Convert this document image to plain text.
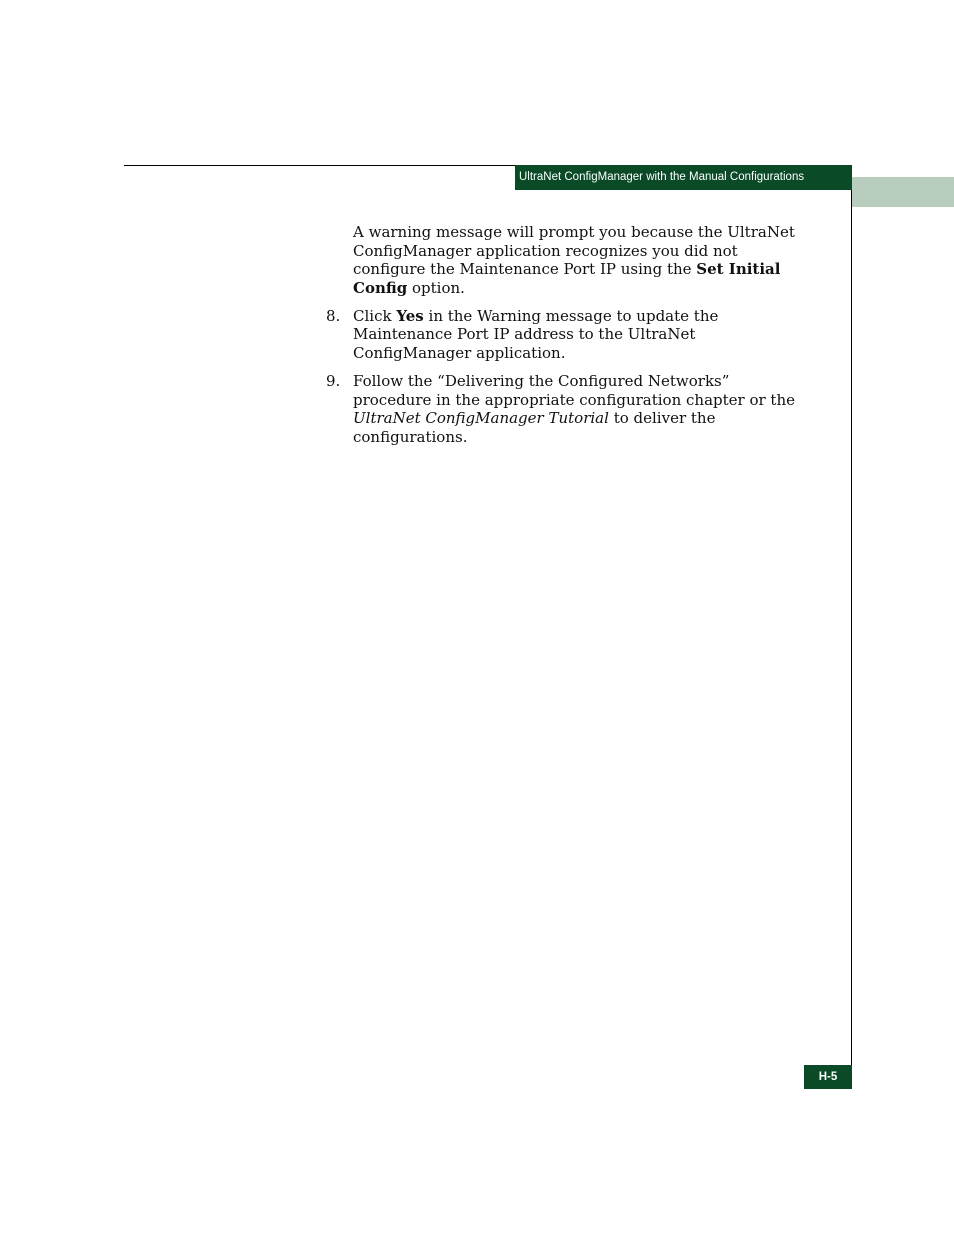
UltraNet ConfigManager with the Manual Configurations

A warning message will prompt you because the UltraNet ConfigManager application recognizes you did not configure the Maintenance Port IP using the Set Initial Config option.

8. Click Yes in the Warning message to update the Maintenance Port IP address to the UltraNet ConfigManager application.

9. Follow the “Delivering the Configured Networks” procedure in the appropriate configuration chapter or the UltraNet ConfigManager Tutorial to deliver the configurations.

H-5
